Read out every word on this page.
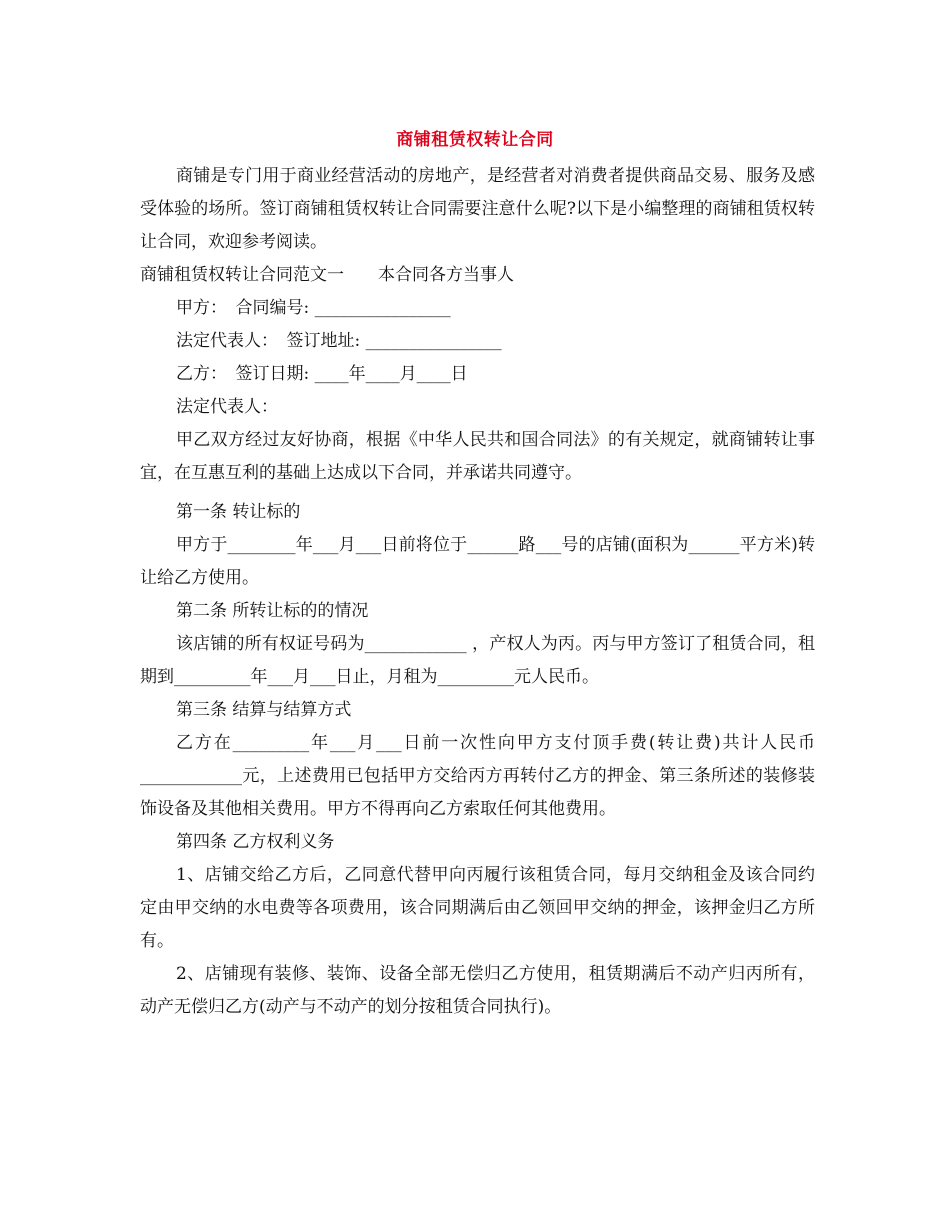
商铺租赁权转让合同

商铺是专门用于商业经营活动的房地产，是经营者对消费者提供商品交易、服务及感受体验的场所。签订商铺租赁权转让合同需要注意什么呢?以下是小编整理的商铺租赁权转让合同，欢迎参考阅读。

商铺租赁权转让合同范文一　　本合同各方当事人

甲方：　合同编号: ________________

法定代表人：　签订地址: ________________

乙方：　签订日期: ____年____月____日

法定代表人：

甲乙双方经过友好协商，根据《中华人民共和国合同法》的有关规定，就商铺转让事宜，在互惠互利的基础上达成以下合同，并承诺共同遵守。

第一条 转让标的

甲方于________年___月___日前将位于______路___号的店铺(面积为______平方米)转让给乙方使用。

第二条 所转让标的的情况

该店铺的所有权证号码为____________ ，产权人为丙。丙与甲方签订了租赁合同，租期到_________年___月___日止，月租为_________元人民币。

第三条 结算与结算方式

乙方在_________年___月___日前一次性向甲方支付顶手费(转让费)共计人民币____________元，上述费用已包括甲方交给丙方再转付乙方的押金、第三条所述的装修装饰设备及其他相关费用。甲方不得再向乙方索取任何其他费用。

第四条 乙方权利义务

1、店铺交给乙方后，乙同意代替甲向丙履行该租赁合同，每月交纳租金及该合同约定由甲交纳的水电费等各项费用，该合同期满后由乙领回甲交纳的押金，该押金归乙方所有。

2、店铺现有装修、装饰、设备全部无偿归乙方使用，租赁期满后不动产归丙所有，动产无偿归乙方(动产与不动产的划分按租赁合同执行)。
